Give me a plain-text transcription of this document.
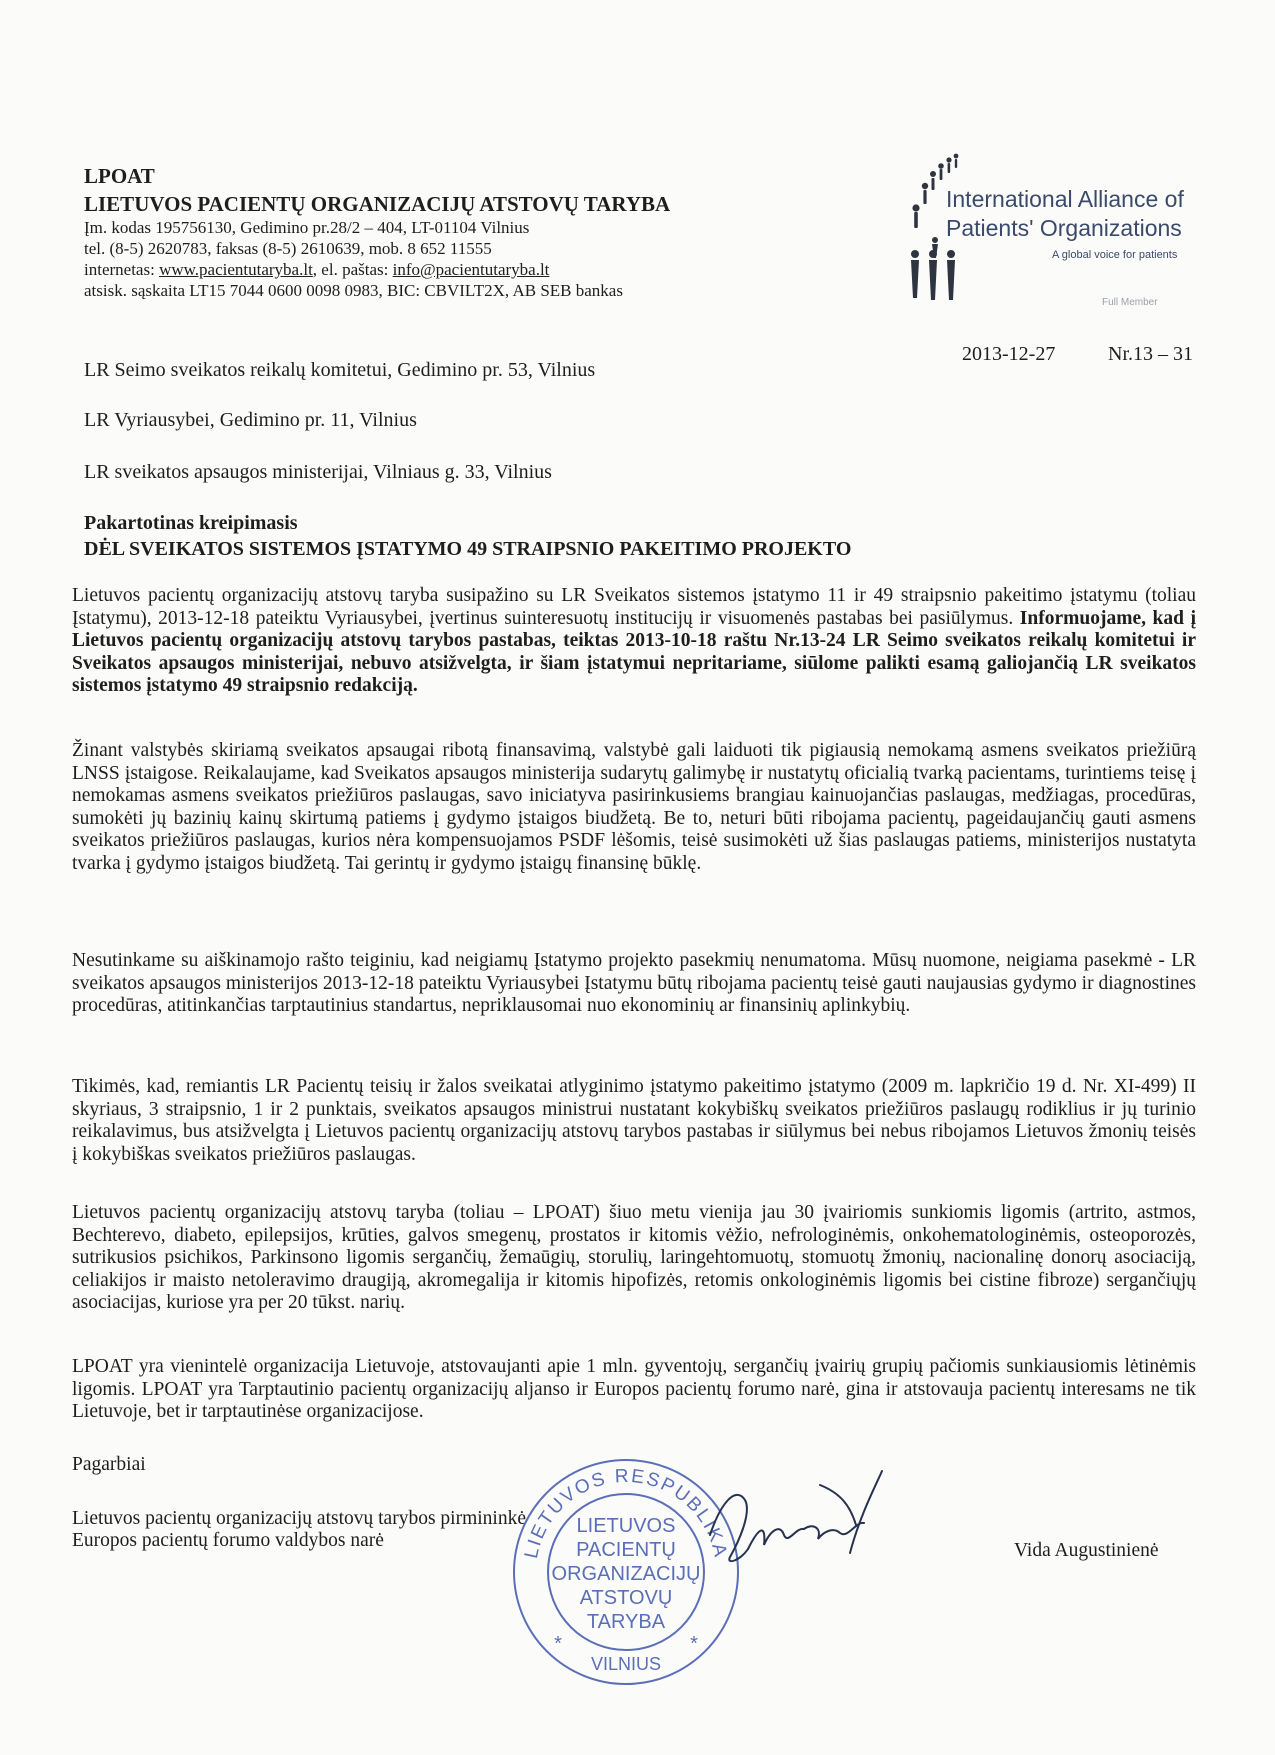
LPOAT
LIETUVOS PACIENTŲ ORGANIZACIJŲ ATSTOVŲ TARYBA
Įm. kodas 195756130, Gedimino pr.28/2 – 404, LT-01104 Vilnius
tel. (8-5) 2620783, faksas (8-5) 2610639, mob. 8 652 11555
internetas: www.pacientutaryba.lt, el. paštas: info@pacientutaryba.lt
atsisk. sąskaita LT15 7044 0600 0098 0983, BIC: CBVILT2X, AB SEB bankas
International Alliance of
Patients' Organizations
A global voice for patients
Full Member
2013-12-27	Nr.13 – 31
LR Seimo sveikatos reikalų komitetui, Gedimino pr. 53, Vilnius
LR Vyriausybei, Gedimino pr. 11, Vilnius
LR sveikatos apsaugos ministerijai, Vilniaus g. 33, Vilnius
Pakartotinas kreipimasis
DĖL SVEIKATOS SISTEMOS ĮSTATYMO 49 STRAIPSNIO PAKEITIMO PROJEKTO
Lietuvos pacientų organizacijų atstovų taryba susipažino su LR Sveikatos sistemos įstatymo 11 ir 49 straipsnio pakeitimo įstatymu (toliau Įstatymu), 2013-12-18 pateiktu Vyriausybei, įvertinus suinteresuotų institucijų ir visuomenės pastabas bei pasiūlymus. Informuojame, kad į Lietuvos pacientų organizacijų atstovų tarybos pastabas, teiktas 2013-10-18 raštu Nr.13-24 LR Seimo sveikatos reikalų komitetui ir Sveikatos apsaugos ministerijai, nebuvo atsižvelgta, ir šiam įstatymui nepritariame, siūlome palikti esamą galiojančią LR sveikatos sistemos įstatymo 49 straipsnio redakciją.
Žinant valstybės skiriamą sveikatos apsaugai ribotą finansavimą, valstybė gali laiduoti tik pigiausią nemokamą asmens sveikatos priežiūrą LNSS įstaigose. Reikalaujame, kad Sveikatos apsaugos ministerija sudarytų galimybę ir nustatytų oficialią tvarką pacientams, turintiems teisę į nemokamas asmens sveikatos priežiūros paslaugas, savo iniciatyva pasirinkusiems brangiau kainuojančias paslaugas, medžiagas, procedūras, sumokėti jų bazinių kainų skirtumą patiems į gydymo įstaigos biudžetą. Be to, neturi būti ribojama pacientų, pageidaujančių gauti asmens sveikatos priežiūros paslaugas, kurios nėra kompensuojamos PSDF lėšomis, teisė susimokėti už šias paslaugas patiems, ministerijos nustatyta tvarka į gydymo įstaigos biudžetą. Tai gerintų ir gydymo įstaigų finansinę būklę.
Nesutinkame su aiškinamojo rašto teiginiu, kad neigiamų Įstatymo projekto pasekmių nenumatoma. Mūsų nuomone, neigiama pasekmė - LR sveikatos apsaugos ministerijos 2013-12-18 pateiktu Vyriausybei Įstatymu būtų ribojama pacientų teisė gauti naujausias gydymo ir diagnostines procedūras, atitinkančias tarptautinius standartus, nepriklausomai nuo ekonominių ar finansinių aplinkybių.
Tikimės, kad, remiantis LR Pacientų teisių ir žalos sveikatai atlyginimo įstatymo pakeitimo įstatymo (2009 m. lapkričio 19 d. Nr. XI-499) II skyriaus, 3 straipsnio, 1 ir 2 punktais, sveikatos apsaugos ministrui nustatant kokybiškų sveikatos priežiūros paslaugų rodiklius ir jų turinio reikalavimus, bus atsižvelgta į Lietuvos pacientų organizacijų atstovų tarybos pastabas ir siūlymus bei nebus ribojamos Lietuvos žmonių teisės į kokybiškas sveikatos priežiūros paslaugas.
Lietuvos pacientų organizacijų atstovų taryba (toliau – LPOAT) šiuo metu vienija jau 30 įvairiomis sunkiomis ligomis (artrito, astmos, Bechterevo, diabeto, epilepsijos, krūties, galvos smegenų, prostatos ir kitomis vėžio, nefrologinėmis, onkohematologinėmis, osteoporozės, sutrikusios psichikos, Parkinsono ligomis sergančių, žemaūgių, storulių, laringehtomuotų, stomuotų žmonių, nacionalinę donorų asociaciją, celiakijos ir maisto netoleravimo draugiją, akromegalija ir kitomis hipofizės, retomis onkologinėmis ligomis bei cistine fibroze) sergančiųjų asociacijas, kuriose yra per 20 tūkst. narių.
LPOAT yra vienintelė organizacija Lietuvoje, atstovaujanti apie 1 mln. gyventojų, sergančių įvairių grupių pačiomis sunkiausiomis lėtinėmis ligomis. LPOAT yra Tarptautinio pacientų organizacijų aljanso ir Europos pacientų forumo narė, gina ir atstovauja pacientų interesams ne tik Lietuvoje, bet ir tarptautinėse organizacijose.
Pagarbiai
Lietuvos pacientų organizacijų atstovų tarybos pirmininkė
Europos pacientų forumo valdybos narė	Vida Augustinienė
LIETUVOS RESPUBLIKA
LIETUVOS
PACIENTŲ
ORGANIZACIJŲ
ATSTOVŲ
TARYBA
VILNIUS
*	*
